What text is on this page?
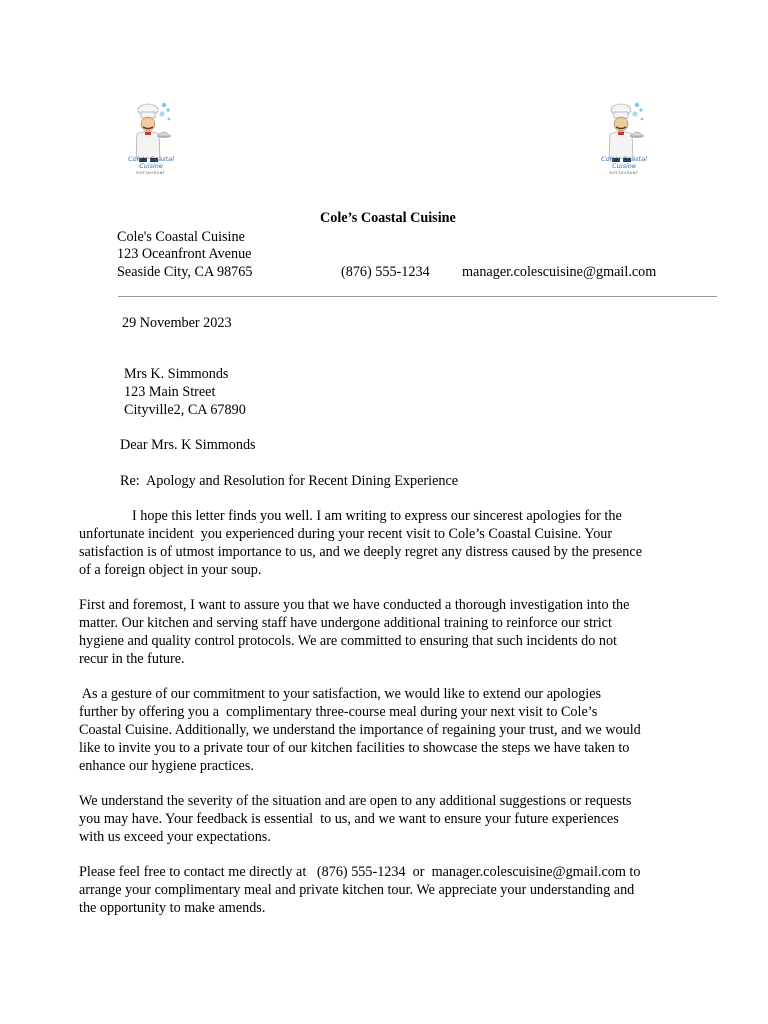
Cole's Coastal
Cuisine
RESTAURANT
Cole's Coastal
Cuisine
RESTAURANT
Cole’s Coastal Cuisine
Cole's Coastal Cuisine
123 Oceanfront Avenue
Seaside City, CA 98765	(876) 555-1234 manager.colescuisine@gmail.com
29 November 2023
Mrs K. Simmonds
123 Main Street
Cityville2, CA 67890
Dear Mrs. K Simmonds
Re:  Apology and Resolution for Recent Dining Experience
I hope this letter finds you well. I am writing to express our sincerest apologies for the
unfortunate incident  you experienced during your recent visit to Cole’s Coastal Cuisine. Your
satisfaction is of utmost importance to us, and we deeply regret any distress caused by the presence
of a foreign object in your soup.
First and foremost, I want to assure you that we have conducted a thorough investigation into the
matter. Our kitchen and serving staff have undergone additional training to reinforce our strict
hygiene and quality control protocols. We are committed to ensuring that such incidents do not
recur in the future.
As a gesture of our commitment to your satisfaction, we would like to extend our apologies
further by offering you a  complimentary three-course meal during your next visit to Cole’s
Coastal Cuisine. Additionally, we understand the importance of regaining your trust, and we would
like to invite you to a private tour of our kitchen facilities to showcase the steps we have taken to
enhance our hygiene practices.
We understand the severity of the situation and are open to any additional suggestions or requests
you may have. Your feedback is essential  to us, and we want to ensure your future experiences
with us exceed your expectations.
Please feel free to contact me directly at   (876) 555-1234  or  manager.colescuisine@gmail.com to
arrange your complimentary meal and private kitchen tour. We appreciate your understanding and
the opportunity to make amends.
